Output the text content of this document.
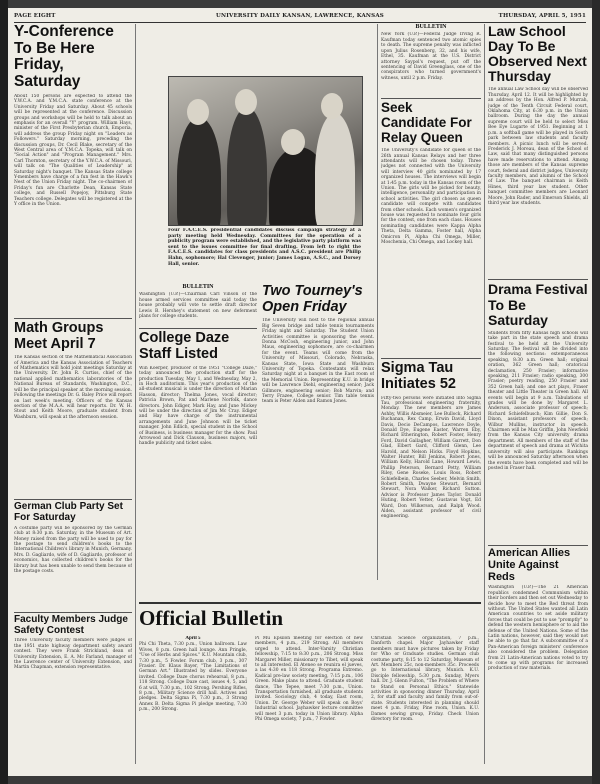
PAGE EIGHT	UNIVERSITY DAILY KANSAN, LAWRENCE, KANSAS	THURSDAY, APRIL 5, 1951

Y-Conference To Be Here Friday, Saturday

About 150 persons are expected to attend the Y.W.C.A. and Y.M.C.A. state conference at the University Friday and Saturday. About 45 schools will be represented at the conference. Discussion groups and workshops will be held to talk about an emphasis for an overall "Y" program. William Hays, minister of the First Presbyterian church, Emporia, will address the group Friday night on "Leaders as Followers." Saturday morning, preceding the discussion groups, Dr. Cecil Blake, secretary of the West Central area of Y.M.C.A. Topeka, will talk on "Social Action" and "Program Management." Mrs. Carl Thornton, secretary of the Y.W.C.A. of Missouri, will talk on "The Qualities of Leadership" at Saturday night's banquet. The Kansas State college Y-members have charge of a fun fest in the Hawk's Nest of the Union Friday night. The co-chairmen of Friday's fun are Charlotte Dean, Kansas State college, and Russell Popejoy, Pittsburg State Teachers college. Delegates will be registered at the Y office in the Union.

Math Groups Meet April 7

The Kansas section of the Mathematical Association of America and the Kansas Association of Teachers of Mathematics will hold joint meetings Saturday at the University. Dr. John R. Curtiss, chief of the national applied mathematics laboratories of the National Bureau of Standards, Washington, D.C., will be the principal speaker at the morning session. Following the meetings Dr. G. Baley Price will report on last week's meeting. Officers of the Kansas section of the M.A.A. will hear reports. Dr. W. H. Stout and Keith Moore, graduate student from Washburn, will speak at the afternoon session.

German Club Party Set For Saturday

A costume party will be sponsored by the German club at 8:30 p.m. Saturday, in the Museum of Art. Money raised from the party will be used to pay for the postage to send children's books to the International Children's library in Munich, Germany. Mrs. D. Gagliardo, wife of D. Gagliardo, professor of economics, has collected children's books for the library but has been unable to send them because of the postage costs.

Faculty Members Judge Safety Contest

Three University faculty members were judges of the 1951 state highway department safety award contest. They were Frank Strickland, dean of University Extension, E. A. Mc Farland, manager of the Lawrence center of University Extension, and Martin Chapman, extension representative.

Four F.A.C.E.S. presidential candidates discuss campaign strategy at a party meeting held Wednesday. Committees for the operation of a publicity program were established, and the legislative party platform was sent to the issues committee for final drafting. From left to right the F.A.C.E.S. candidates for class presidents and A.S.C. president are Philip Hahn, sophomore; Hal Clevenger, junior; James Logan, A.S.C., and Dorsey Hall, senior.

BULLETIN

Washington (U.P.)—Chairman Carl Vinson of the house armed services committee said today the house probably will vote to settle draft director Lewis B. Hershey's statement on new deferment plans for college students.

College Daze Staff Listed

Win Koerper, producer of the 1951 "College Daze," today announced the production staff for the production Tuesday, May 1, and Wednesday, May 2, in Hoch auditorium. This year's production of the all-student musical is under the direction of Marian Hasson, director; Thelma Jones, vocal director; Patricia Brown, Pat and Marlene Norfolk, dance directors. John Ediger, Mark Hay, and June Mickey will be under the direction of Jim Mc Cray. Ediger and Hay have charge of the instrumental arrangements and June Johnson will be ticket manager. John Edlich, special student in the School of Business, is business manager for the show. Paul Arrowood and Dick Clauson, business majors, will handle publicity and ticket sales.

Two Tourney's Open Friday

The University will host to the regional annual Big Seven bridge and table tennis tournaments Friday night and Saturday. The Student Union Activities committee is sponsoring the event. Donna McCosh, engineering junior, and John Maus, engineering sophomore, are co-chairmen for the event. Teams will come from the University of Missouri, Colorado, Nebraska, Kansas State, Iowa State and Washburn University of Topeka. Contestants will relax Saturday night at a banquet in the East room of the Memorial Union. Representing K.U. in bridge will be Lawrence Diehl, engineering senior; Jack Gillmore, engineering senior; Bob Marvin; and Terry Frazee, College senior. Tim table tennis team is Peter Alden and Ramon Jones.

BULLETIN

New York (U.P.)—Federal Judge Irving R. Kaufman today sentenced two atomic spies to death. The supreme penalty was inflicted upon Julius Rosenberg, 32, and his wife, Ethel, 35. Kaufman at the U.S. District attorney Saypol's request, put off the sentencing of David Greenglass, one of the conspirators who turned government's witness, until 2 p.m. Friday.

Seek Candidate For Relay Queen

The University's candidate for queen of the 26th annual Kansas Relays and her three attendants will be chosen today. Three judges not connected with the University will interview 40 girls nominated by 17 organized houses. The interviews will begin at 1:45 p.m. today in the Kansas room of the Union. The girls will be picked for beauty, intelligence, personality and participation in school activities. The girl chosen as queen candidate will compete with candidates from other schools. Each women's organized house was requested to nominate four girls for the contest, one from each class. Houses nominating candidates were Kappa Alpha Theta, Delta Gamma, Foster hall, Alpha Omicron Pi, Alpha Chi Omega, Miller, Moschemia, Chi Omega, and Lockey hall.

Sigma Tau Initiates 52

Fifty-two persons were initiated into Sigma Tau, professional engineering fraternity, Monday. The new members are James Ashby, Willis Absmeier, Lee Bullock, Richard Buchanan, Rex Camp, Erwin David, Lloyd Davis, Decio DeCampos, Lawrence Doyle, Donald Dye, Eugene Easter, Warren Eby, Richard Etherington, Robert Foster, Henry Ford, David Gallagher, William Garrett, Don Glad, Elbert Gard, Clifford Glenn, Lee Harold, and Nelson Hicks. Floyd Hopkins, Walter Hunter, Bill Jenkins, Robert Jones, William Kelly, Harold Lane, Howard Lewis, Phillip Peterson, Bernard Petty, William Riley, Gene Roseke, Louis Ross, Robert Schiefelbein, Charles Seeber, Melvin Smith, Robert Smith, Dwayne Stewart, Bernard Stewart, Nora Walker, Richard Sutton. Advisor is Professor James Taylor. Donald Huting, Robert Vetter, Gustavus Vogt, Ed Ward, Don Wilkerson, and Ralph Wood. Alden, assistant professor of civil engineering.

Law School Day To Be Observed Next Thursday

The annual Law School day will be observed Thursday, April 12. It will be highlighted by an address by the Hon. Alfred P. Murrah, judge of the Tenth Circuit Federal court, Oklahoma City, at 6:30 p.m. in the Union ballroom. During the day the annual supreme court will be held to select Miss Bee Eye Lugarte of 1951. Beginning at 1 p.m. a softball game will be played in South park between law students and faculty members. A picnic lunch will be served. Frederick J. Moreau, dean of the School of Law, said that many distinguished persons have made reservations to attend. Among those are members of the Kansas supreme court, federal and district judges, University faculty members, and alumni of the School of Law. The banquet chairman is Keith Hines, third year law student. Other banquet committee members are Leonard Moore, John Rader, and Emerson Shields, all third year law students.

Drama Festival To Be Saturday

Students from fifty Kansas high schools will take part in the state speech and drama festival to be held at the University Saturday. The festival will be divided into the following sections: extemporaneous speaking, 8:30 a.m. Green hall; original oration, 362 Green hall; oratorical declamation, 250 Frasier; informative speaking, 211 Frasier; radio speaking, 300 Frasier; poetry reading, 250 Frasier and 352 Green hall; and one act plays, Fraser theater and Little Theater in Green hall. All events will begin at 9 a.m. Tabulations of grades will be done by Margaret L. Anderson, associate professor of speech; Richard Schiefelbusch; Kim Gillie, Don S. Dixon, assistant professors of speech; Wilbur Mullins, instructor in speech. Chairmen will be Max Griffin, John Newfield from the Kansas City university drama department. All members of the staff of the department of speech and drama at Wichita university will also participate. Rankings will be announced Saturday afternoon when the events have been completed and will be posted in Fraser hall.

American Allies Unite Against Reds

Washington (U.P.)—The 21 American republics condemned Communism within their borders and then set out Wednesday to decide how to meet the Red threat from without. The United States wanted all Latin American countries to set aside military forces that could be put to use "promptly" to defend the western hemisphere or to aid the defense of the United Nations. Some of the Latin nations, however, said they would not be able to go that far. A subcommittee of a Pan-American foreign ministers' conference also considered the problem. Delegation from 21 Latin-American nations voted to try to come up with programs for increased production of raw materials.

Official Bulletin

April 5

Phi Chi Theta, 7:30 p.m., Union ballroom. Law Wives, 8 p.m. Green hall lounge. Ann Pringle, "Use of Herbs and Spices." K.U. Mountain club, 7:30 p.m., 5 Fowler. Forum club, 3 p.m., 307 Frasier. Dr. Klaus Bayer, "The Limitations of German Art." Illustrated by slides. Everyone invited. College Daze chorus rehearsal, 8 p.m., 118 Strong. College Daze cast, issues 4, 5, and 6 at will, 7:30 p.m., 102 Strong. Pershing Rifles, 8 p.m., Military Science drill hall. Actives and pledges. Delta Sigma Pi, 7:30 p.m., 3 Strong Annex B. Delta Sigma Pi pledge meeting, 7:30 p.m., 200 Strong.

Pi Mu Epsilon meeting for election of new members, 4 p.m., 219 Strong. All members urged to attend. Inter-Varsity Christian fellowship, 7:15 to 8:30 p.m., 206 Strong. Miss Margaret Miller, missionary to Tibet, will speak to all interested. El Ateneo se reunira el jueves, a las 4:30 en 118 Strong. Programa Extremo. Kadical pre-law society meeting, 7:15 p.m., 106 Green. Make plans to attend. Graduate student dance, The Tepee, meet 7:30 p.m., Union. Transportation furnished, all graduate students invited. Sociology club, 4 today, East room, Union. Dr. George Weber will speak on Boys' Industrial school. Jayhawker lecture committee will meet 3 p.m. today in Union library. Alpha Phi Omega society, 7 p.m., 7 Fowler.

Christian Science organization, 7 p.m., Danforth chapel. Major Jayhawker staff members must have pictures taken by Friday for Who or Graduate studies. German club costume party, 8:15 to 12 Saturday, Museum of Art. Members 25c, non-members 35c. Proceeds go to International library, Munich. K.U. Disciple fellowship, 5:30 p.m. Sunday, Myers hall. Dr. J. Glenn Fulton, "The Problem of Where to Stand on Personal Ethics." Statewide activities in sponsoring dinner Thursday, April 2, for staff and faculty and family from out-of-state. Students interested in planning should meet 4 p.m. Friday, Pine room, Union. K.U. Dames sewing group, Friday. Check Union directory for room.
